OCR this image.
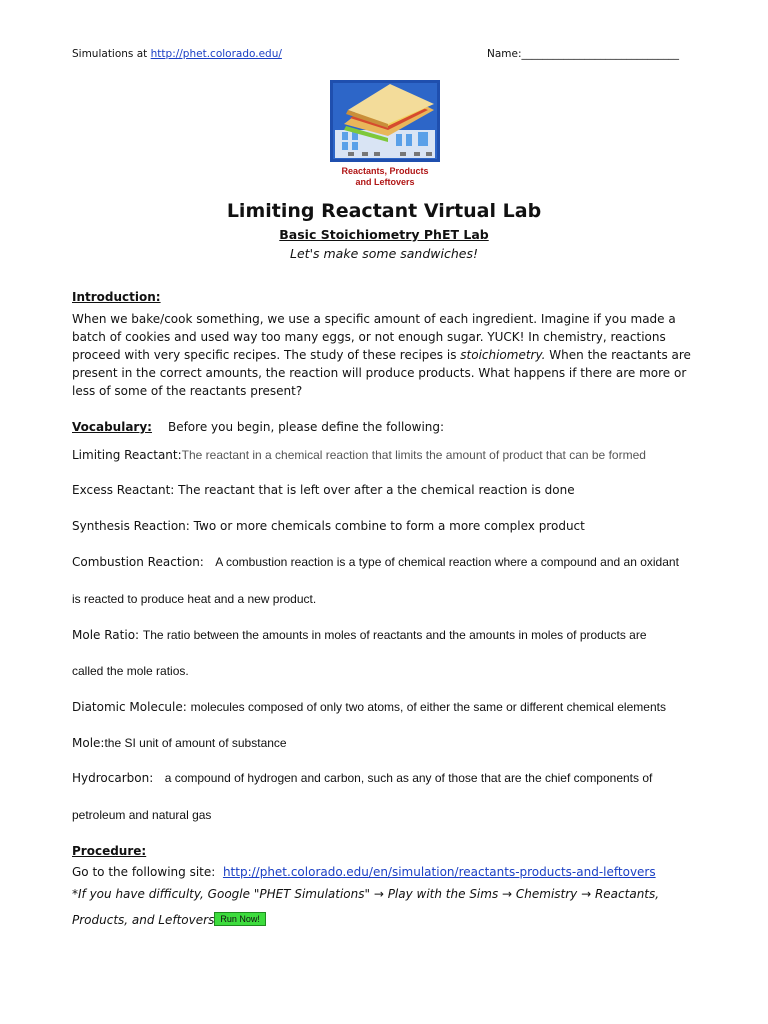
Simulations at http://phet.colorado.edu/	Name:______________________________
Reactants, Products
and Leftovers
Limiting Reactant Virtual Lab
Basic Stoichiometry PhET Lab
Let's make some sandwiches!
Introduction:
When we bake/cook something, we use a specific amount of each ingredient. Imagine if you made a batch of cookies and used way too many eggs, or not enough sugar. YUCK! In chemistry, reactions proceed with very specific recipes. The study of these recipes is stoichiometry. When the reactants are present in the correct amounts, the reaction will produce products. What happens if there are more or less of some of the reactants present?
Vocabulary: Before you begin, please define the following:
Limiting Reactant:The reactant in a chemical reaction that limits the amount of product that can be formed
Excess Reactant: The reactant that is left over after a the chemical reaction is done
Synthesis Reaction: Two or more chemicals combine to form a more complex product
Combustion Reaction:   A combustion reaction is a type of chemical reaction where a compound and an oxidant
is reacted to produce heat and a new product.
Mole Ratio: The ratio between the amounts in moles of reactants and the amounts in moles of products are
called the mole ratios.
Diatomic Molecule: molecules composed of only two atoms, of either the same or different chemical elements
Mole:the SI unit of amount of substance
Hydrocarbon:   a compound of hydrogen and carbon, such as any of those that are the chief components of
petroleum and natural gas
Procedure:
Go to the following site:  http://phet.colorado.edu/en/simulation/reactants-products-and-leftovers
*If you have difficulty, Google "PHET Simulations" → Play with the Sims → Chemistry → Reactants,
Products, and Leftovers Run Now!
